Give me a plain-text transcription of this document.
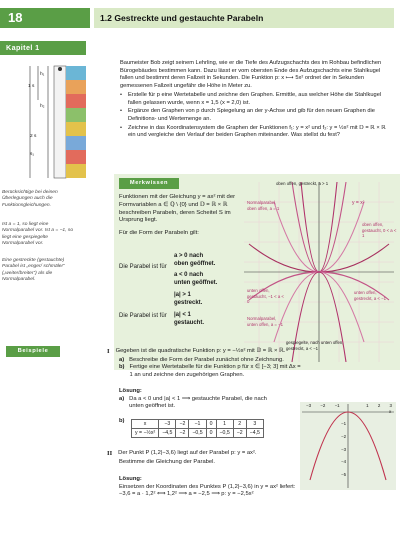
18	1.2 Gestreckte und gestauchte Parabeln
Kapitel 1
h₁
h₂
1 s
2 s
s₁

Baumeister Bob zeigt seinem Lehrling, wie er die Tiefe des Aufzugschachts des im Rohbau befindlichen Bürogebäudes bestimmen kann. Dazu lässt er vom obersten Ende des Aufzugschachts eine Stahlkugel fallen und bestimmt deren Fallzeit in Sekunden. Die Funktion p: x ⟼ 5x² ordnet der in Sekunden gemessenen Fallzeit ungefähr die Höhe in Meter zu.

• Erstelle für p eine Wertetabelle und zeichne den Graphen. Ermittle, aus welcher Höhe die Stahlkugel fallen gelassen wurde, wenn x = 1,5 (x = 2,0) ist.
• Ergänze den Graphen von p durch Spiegelung an der y-Achse und gib für den neuen Graphen die Definitions- und Wertemenge an.
• Zeichne in das Koordinatensystem die Graphen der Funktionen f₁: y = x² und f₂: y = ½x² mit 𝔻 = ℝ × ℝ ein und vergleiche den Verlauf der beiden Graphen miteinander. Was stellst du fest?
Berücksichtige bei deinen Überlegungen auch die Funktionsgleichungen.
Ist a = 1, so liegt eine Normalparabel vor. Ist a = −1, so liegt eine gespiegelte Normalparabel vor.
Eine gestreckte (gestauchte) Parabel ist „enger/ schmäler“ („weiter/breiter“) als die Normalparabel.
Merkwissen

Funktionen mit der Gleichung y = ax² mit der Formvariablen a ∈ ℚ \ {0} und 𝔻 = ℝ × ℝ beschreiben Parabeln, deren Scheitel S im Ursprung liegt.

Für die Form der Parabeln gilt:

Die Parabel ist für
a > 0 nach
oben geöffnet.
a < 0 nach
unten geöffnet.
Die Parabel ist für
|a| > 1
gestreckt.
|a| < 1
gestaucht.
oben offen, gestreckt, a > 1
Normalparabel, oben offen, a = 1
y = x²
oben offen, gestaucht, 0 < a < 1
unten offen, gestaucht, −1 < a < 0
unten offen, gestreckt, a < −1
Normalparabel, unten offen, a = −1
gespiegelte, nach unten offen, gestreckt, a < −1
Beispiele	I Gegeben ist die quadratische Funktion p: y = −½x² mit 𝔻 = ℝ × ℝ.
a) Beschreibe die Form der Parabel zunächst ohne Zeichnung.
b) Fertige eine Wertetabelle für die Funktion p für x ∈ [−3; 3] mit Δx = 1 an und zeichne den zugehörigen Graphen.
Lösung:
a) Da a < 0 und |a| < 1 ⟹ gestauchte Parabel, die nach unten geöffnet ist.
b)	x	−3	−2	−1	0	1	2	3
y = −½x²	−4,5	−2	−0,5	0	−0,5	−2	−4,5
−3 −2 −1	1 2 3
x
−1
−2
−3
−4
−5
II Der Punkt P (1,2|−3,6) liegt auf der Parabel p: y = ax².
Bestimme die Gleichung der Parabel.
Lösung:
Einsetzen der Koordinaten des Punktes P (1,2|−3,6) in y = ax² liefert:
−3,6 = a · 1,2² ⟺ 1,2² ⟹ a = −2,5 ⟹ p: y = −2,5x²
